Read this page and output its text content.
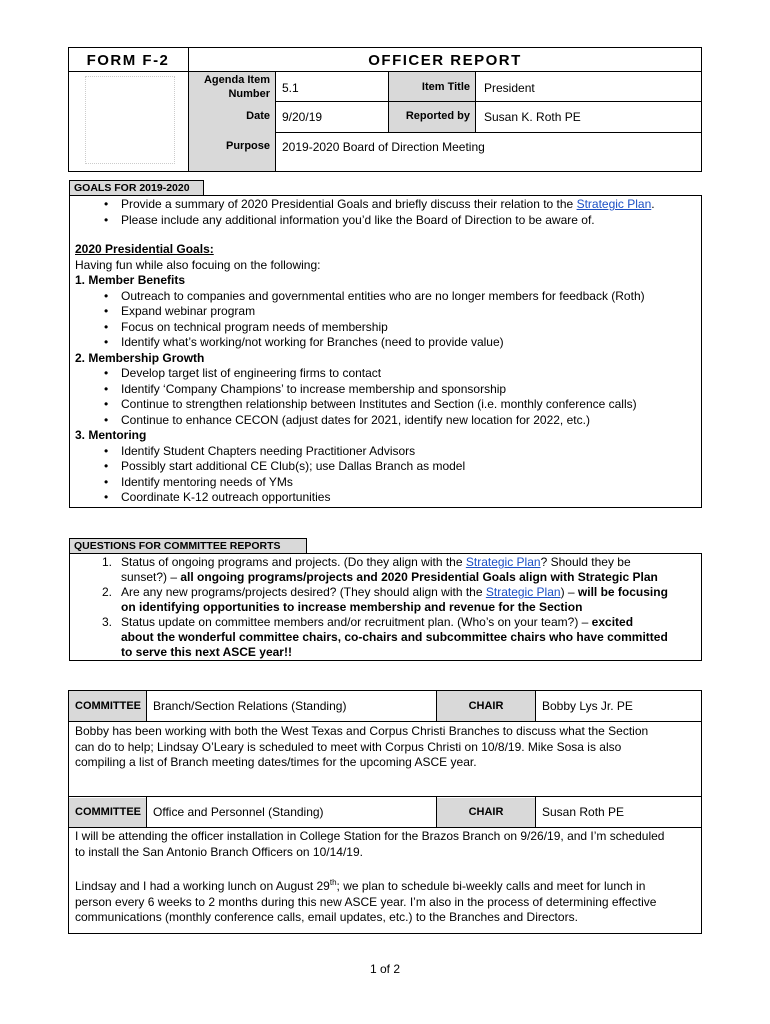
FORM F-2	OFFICER REPORT
Agenda Item Number 5.1	Item Title President
Date 9/20/19	Reported by Susan K. Roth PE
Purpose 2019-2020 Board of Direction Meeting
GOALS FOR 2019-2020
• Provide a summary of 2020 Presidential Goals and briefly discuss their relation to the Strategic Plan.
• Please include any additional information you’d like the Board of Direction to be aware of.
2020 Presidential Goals:
Having fun while also focuing on the following:
1. Member Benefits
• Outreach to companies and governmental entities who are no longer members for feedback (Roth)
• Expand webinar program
• Focus on technical program needs of membership
• Identify what’s working/not working for Branches (need to provide value)
2. Membership Growth
• Develop target list of engineering firms to contact
• Identify ‘Company Champions’ to increase membership and sponsorship
• Continue to strengthen relationship between Institutes and Section (i.e. monthly conference calls)
• Continue to enhance CECON (adjust dates for 2021, identify new location for 2022, etc.)
3. Mentoring
• Identify Student Chapters needing Practitioner Advisors
• Possibly start additional CE Club(s); use Dallas Branch as model
• Identify mentoring needs of YMs
• Coordinate K-12 outreach opportunities
QUESTIONS FOR COMMITTEE REPORTS
1. Status of ongoing programs and projects. (Do they align with the Strategic Plan? Should they be
sunset?) – all ongoing programs/projects and 2020 Presidential Goals align with Strategic Plan
2. Are any new programs/projects desired? (They should align with the Strategic Plan) – will be focusing
on identifying opportunities to increase membership and revenue for the Section
3. Status update on committee members and/or recruitment plan. (Who’s on your team?) – excited
about the wonderful committee chairs, co-chairs and subcommittee chairs who have committed
to serve this next ASCE year!!
COMMITTEE Branch/Section Relations (Standing)	CHAIR	Bobby Lys Jr. PE
Bobby has been working with both the West Texas and Corpus Christi Branches to discuss what the Section
can do to help; Lindsay O’Leary is scheduled to meet with Corpus Christi on 10/8/19. Mike Sosa is also
compiling a list of Branch meeting dates/times for the upcoming ASCE year.
COMMITTEE Office and Personnel (Standing)	CHAIR	Susan Roth PE
I will be attending the officer installation in College Station for the Brazos Branch on 9/26/19, and I’m scheduled
to install the San Antonio Branch Officers on 10/14/19.
Lindsay and I had a working lunch on August 29th; we plan to schedule bi-weekly calls and meet for lunch in
person every 6 weeks to 2 months during this new ASCE year. I’m also in the process of determining effective
communications (monthly conference calls, email updates, etc.) to the Branches and Directors.
1 of 2
